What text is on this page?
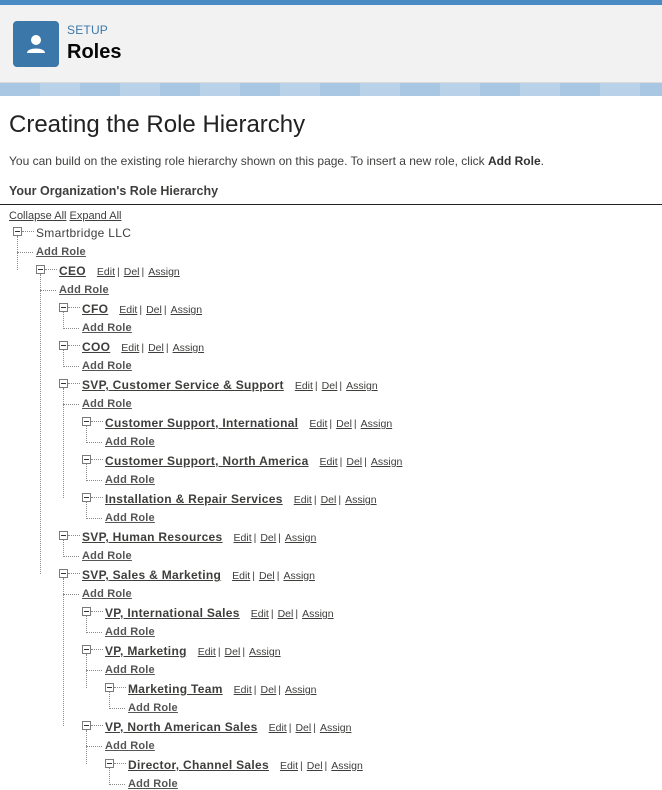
SETUP
Roles
Creating the Role Hierarchy
You can build on the existing role hierarchy shown on this page. To insert a new role, click Add Role.
Your Organization's Role Hierarchy
Collapse All Expand All
Smartbridge LLC
Add Role
CEO Edit | Del | Assign
Add Role
CFO Edit | Del | Assign
Add Role
COO Edit | Del | Assign
Add Role
SVP, Customer Service & Support Edit | Del | Assign
Add Role
Customer Support, International Edit | Del | Assign
Add Role
Customer Support, North America Edit | Del | Assign
Add Role
Installation & Repair Services Edit | Del | Assign
Add Role
SVP, Human Resources Edit | Del | Assign
Add Role
SVP, Sales & Marketing Edit | Del | Assign
Add Role
VP, International Sales Edit | Del | Assign
Add Role
VP, Marketing Edit | Del | Assign
Add Role
Marketing Team Edit | Del | Assign
Add Role
VP, North American Sales Edit | Del | Assign
Add Role
Director, Channel Sales Edit | Del | Assign
Add Role
